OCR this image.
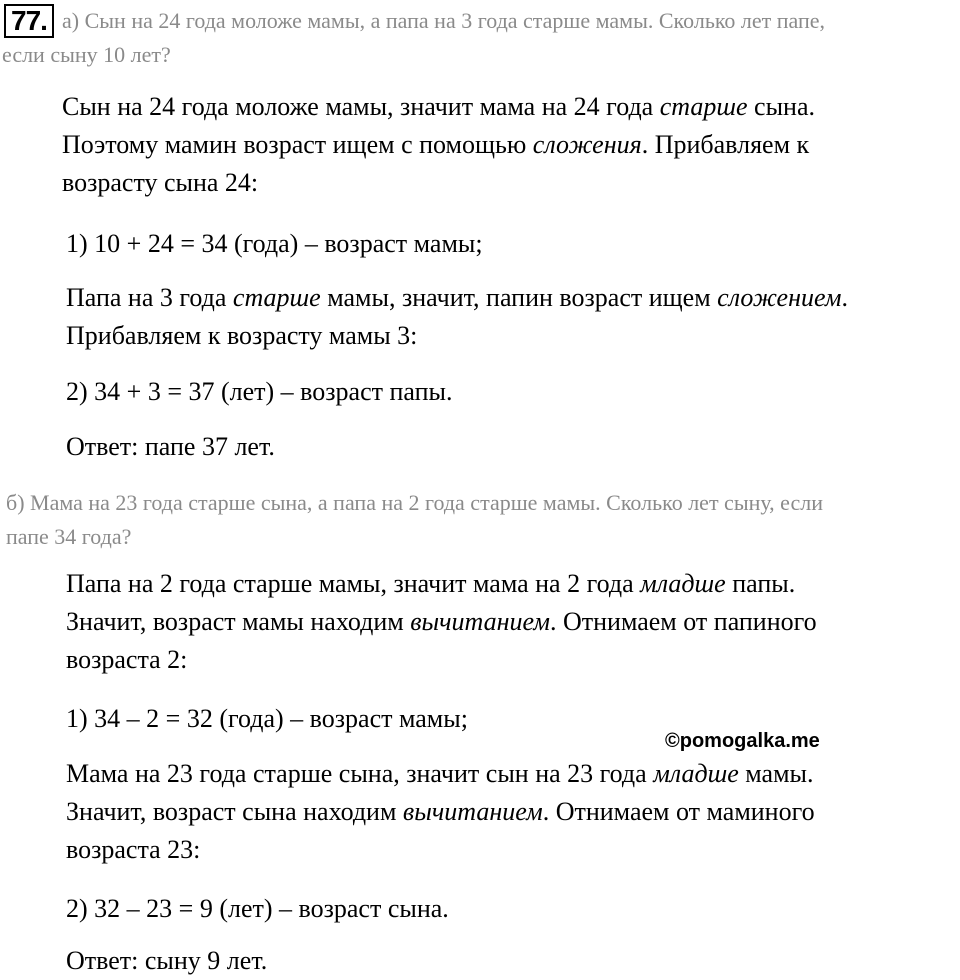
77. а) Сын на 24 года моложе мамы, а папа на 3 года старше мамы. Сколько лет папе,
если сыну 10 лет?

Сын на 24 года моложе мамы, значит мама на 24 года старше сына.
Поэтому мамин возраст ищем с помощью сложения. Прибавляем к
возрасту сына 24:

1) 10 + 24 = 34 (года) – возраст мамы;

Папа на 3 года старше мамы, значит, папин возраст ищем сложением.
Прибавляем к возрасту мамы 3:

2) 34 + 3 = 37 (лет) – возраст папы.

Ответ: папе 37 лет.

б) Мама на 23 года старше сына, а папа на 2 года старше мамы. Сколько лет сыну, если
папе 34 года?

Папа на 2 года старше мамы, значит мама на 2 года младше папы.
Значит, возраст мамы находим вычитанием. Отнимаем от папиного
возраста 2:

1) 34 – 2 = 32 (года) – возраст мамы;

©pomogalka.me

Мама на 23 года старше сына, значит сын на 23 года младше мамы.
Значит, возраст сына находим вычитанием. Отнимаем от маминого
возраста 23:

2) 32 – 23 = 9 (лет) – возраст сына.

Ответ: сыну 9 лет.
